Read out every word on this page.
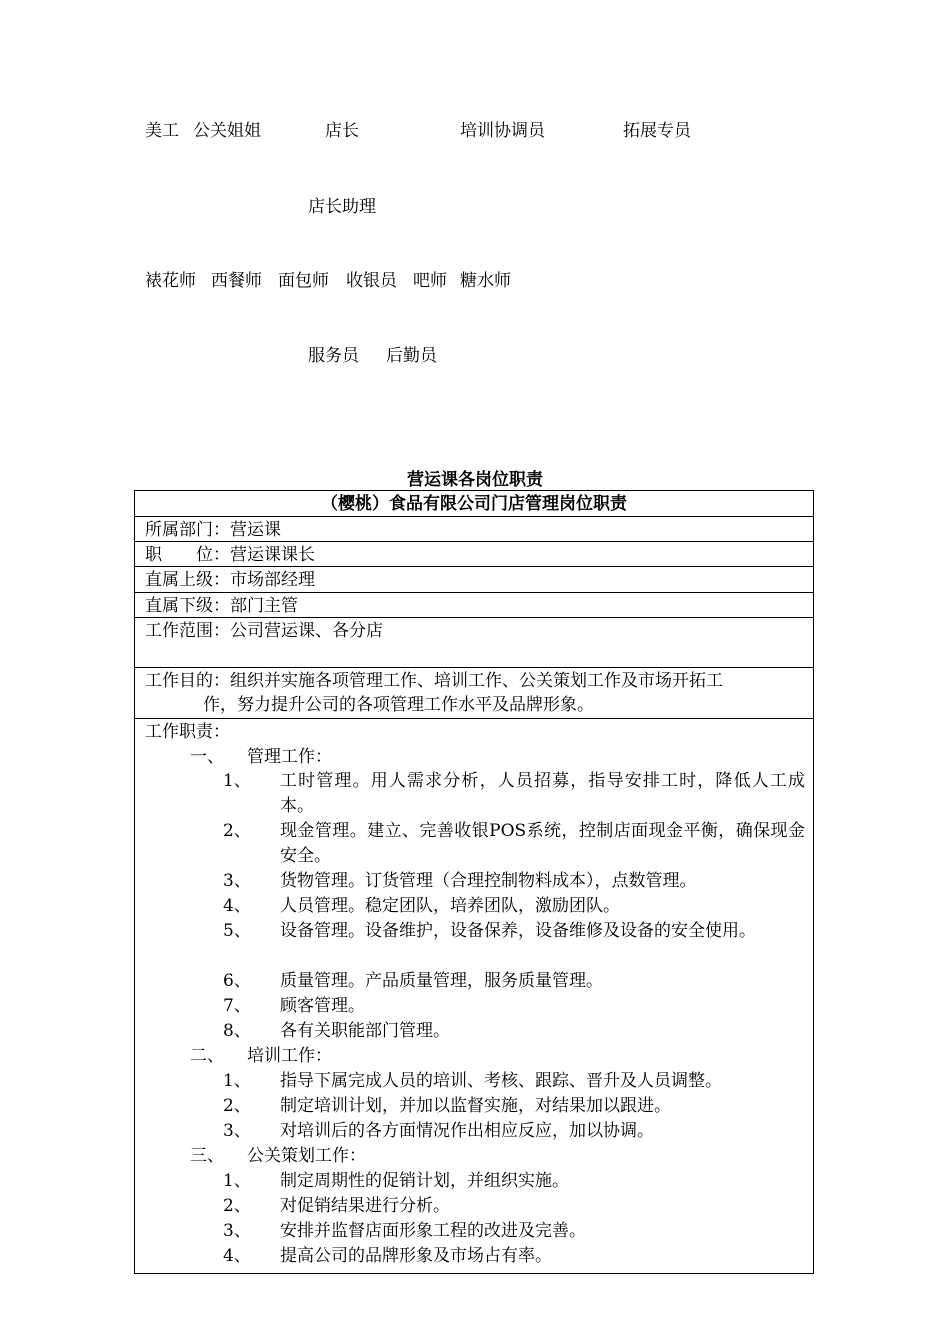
美工 公关姐姐	店长	培训协调员	拓展专员
店长助理
裱花师 西餐师 面包师 收银员 吧师 糖水师
服务员 后勤员
营运课各岗位职责
（樱桃）食品有限公司门店管理岗位职责
所属部门：营运课
职　　位：营运课课长
直属上级：市场部经理
直属下级：部门主管
工作范围：公司营运课、各分店
工作目的：组织并实施各项管理工作、培训工作、公关策划工作及市场开拓工
作，努力提升公司的各项管理工作水平及品牌形象。
工作职责：
一、 管理工作：
1、 工时管理。用人需求分析，人员招募，指导安排工时，降低人工成本。
2、 现金管理。建立、完善收银POS系统，控制店面现金平衡，确保现金安全。
3、 货物管理。订货管理（合理控制物料成本），点数管理。
4、 人员管理。稳定团队，培养团队，激励团队。
5、 设备管理。设备维护，设备保养，设备维修及设备的安全使用。
6、 质量管理。产品质量管理，服务质量管理。
7、 顾客管理。
8、 各有关职能部门管理。
二、 培训工作：
1、 指导下属完成人员的培训、考核、跟踪、晋升及人员调整。
2、 制定培训计划，并加以监督实施，对结果加以跟进。
3、 对培训后的各方面情况作出相应反应，加以协调。
三、 公关策划工作：
1、 制定周期性的促销计划，并组织实施。
2、 对促销结果进行分析。
3、 安排并监督店面形象工程的改进及完善。
4、 提高公司的品牌形象及市场占有率。
